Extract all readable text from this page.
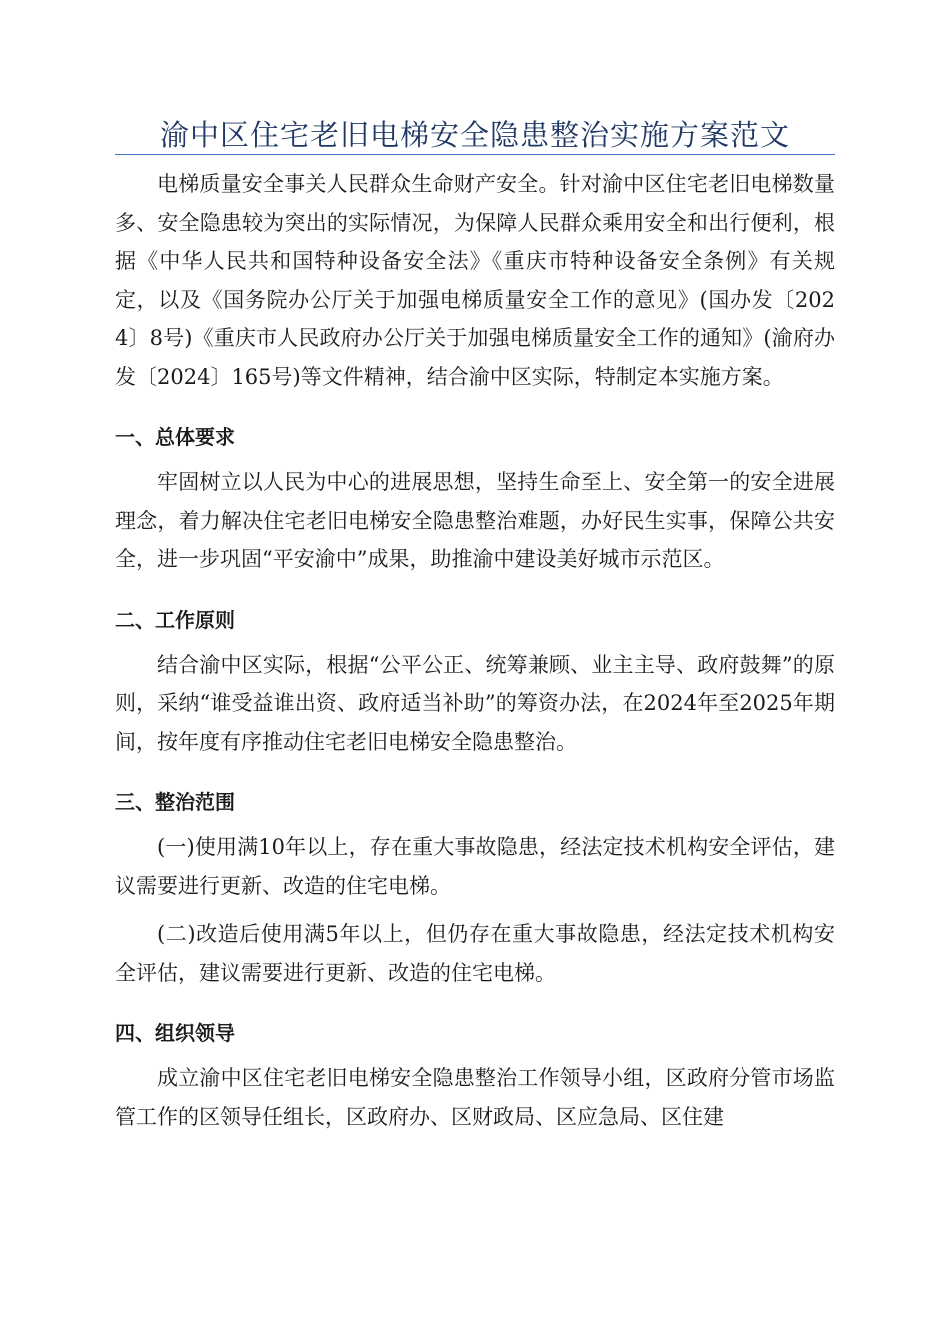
渝中区住宅老旧电梯安全隐患整治实施方案范文

电梯质量安全事关人民群众生命财产安全。针对渝中区住宅老旧电梯数量多、安全隐患较为突出的实际情况，为保障人民群众乘用安全和出行便利，根据《中华人民共和国特种设备安全法》《重庆市特种设备安全条例》有关规定，以及《国务院办公厅关于加强电梯质量安全工作的意见》(国办发〔2024〕8号)《重庆市人民政府办公厅关于加强电梯质量安全工作的通知》(渝府办发〔2024〕165号)等文件精神，结合渝中区实际，特制定本实施方案。

一、总体要求

牢固树立以人民为中心的进展思想，坚持生命至上、安全第一的安全进展理念，着力解决住宅老旧电梯安全隐患整治难题，办好民生实事，保障公共安全，进一步巩固“平安渝中”成果，助推渝中建设美好城市示范区。

二、工作原则

结合渝中区实际，根据“公平公正、统筹兼顾、业主主导、政府鼓舞”的原则，采纳“谁受益谁出资、政府适当补助”的筹资办法，在2024年至2025年期间，按年度有序推动住宅老旧电梯安全隐患整治。

三、整治范围

(一)使用满10年以上，存在重大事故隐患，经法定技术机构安全评估，建议需要进行更新、改造的住宅电梯。

(二)改造后使用满5年以上，但仍存在重大事故隐患，经法定技术机构安全评估，建议需要进行更新、改造的住宅电梯。

四、组织领导

成立渝中区住宅老旧电梯安全隐患整治工作领导小组，区政府分管市场监管工作的区领导任组长，区政府办、区财政局、区应急局、区住建
